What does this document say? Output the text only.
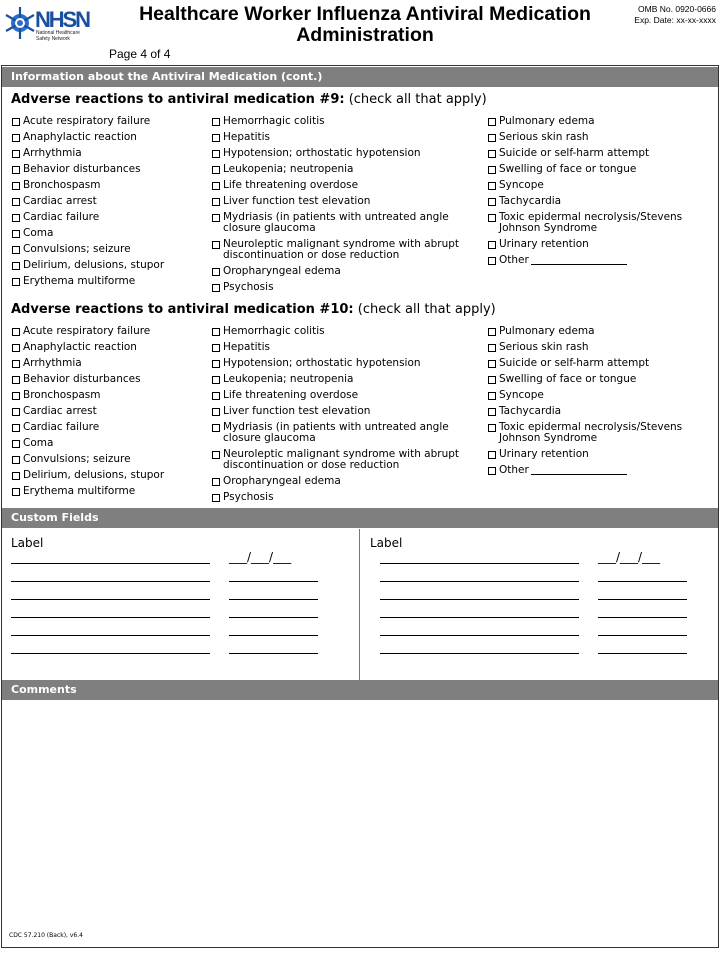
NHSN
National Healthcare
Safety Network
Healthcare Worker Influenza Antiviral Medication Administration
OMB No. 0920-0666
Exp. Date: xx-xx-xxxx
Page 4 of 4
Information about the Antiviral Medication (cont.)
Adverse reactions to antiviral medication #9: (check all that apply)
Acute respiratory failure
Anaphylactic reaction
Arrhythmia
Behavior disturbances
Bronchospasm
Cardiac arrest
Cardiac failure
Coma
Convulsions; seizure
Delirium, delusions, stupor
Erythema multiforme
Hemorrhagic colitis
Hepatitis
Hypotension; orthostatic hypotension
Leukopenia; neutropenia
Life threatening overdose
Liver function test elevation
Mydriasis (in patients with untreated angle
closure glaucoma
Neuroleptic malignant syndrome with abrupt
discontinuation or dose reduction
Oropharyngeal edema
Psychosis
Pulmonary edema
Serious skin rash
Suicide or self-harm attempt
Swelling of face or tongue
Syncope
Tachycardia
Toxic epidermal necrolysis/Stevens
Johnson Syndrome
Urinary retention
Other
Adverse reactions to antiviral medication #10: (check all that apply)
Acute respiratory failure
Anaphylactic reaction
Arrhythmia
Behavior disturbances
Bronchospasm
Cardiac arrest
Cardiac failure
Coma
Convulsions; seizure
Delirium, delusions, stupor
Erythema multiforme
Hemorrhagic colitis
Hepatitis
Hypotension; orthostatic hypotension
Leukopenia; neutropenia
Life threatening overdose
Liver function test elevation
Mydriasis (in patients with untreated angle
closure glaucoma
Neuroleptic malignant syndrome with abrupt
discontinuation or dose reduction
Oropharyngeal edema
Psychosis
Pulmonary edema
Serious skin rash
Suicide or self-harm attempt
Swelling of face or tongue
Syncope
Tachycardia
Toxic epidermal necrolysis/Stevens
Johnson Syndrome
Urinary retention
Other
Custom Fields
Label	Label
___/___/___	___/___/___
Comments
CDC 57.210 (Back), v6.4
